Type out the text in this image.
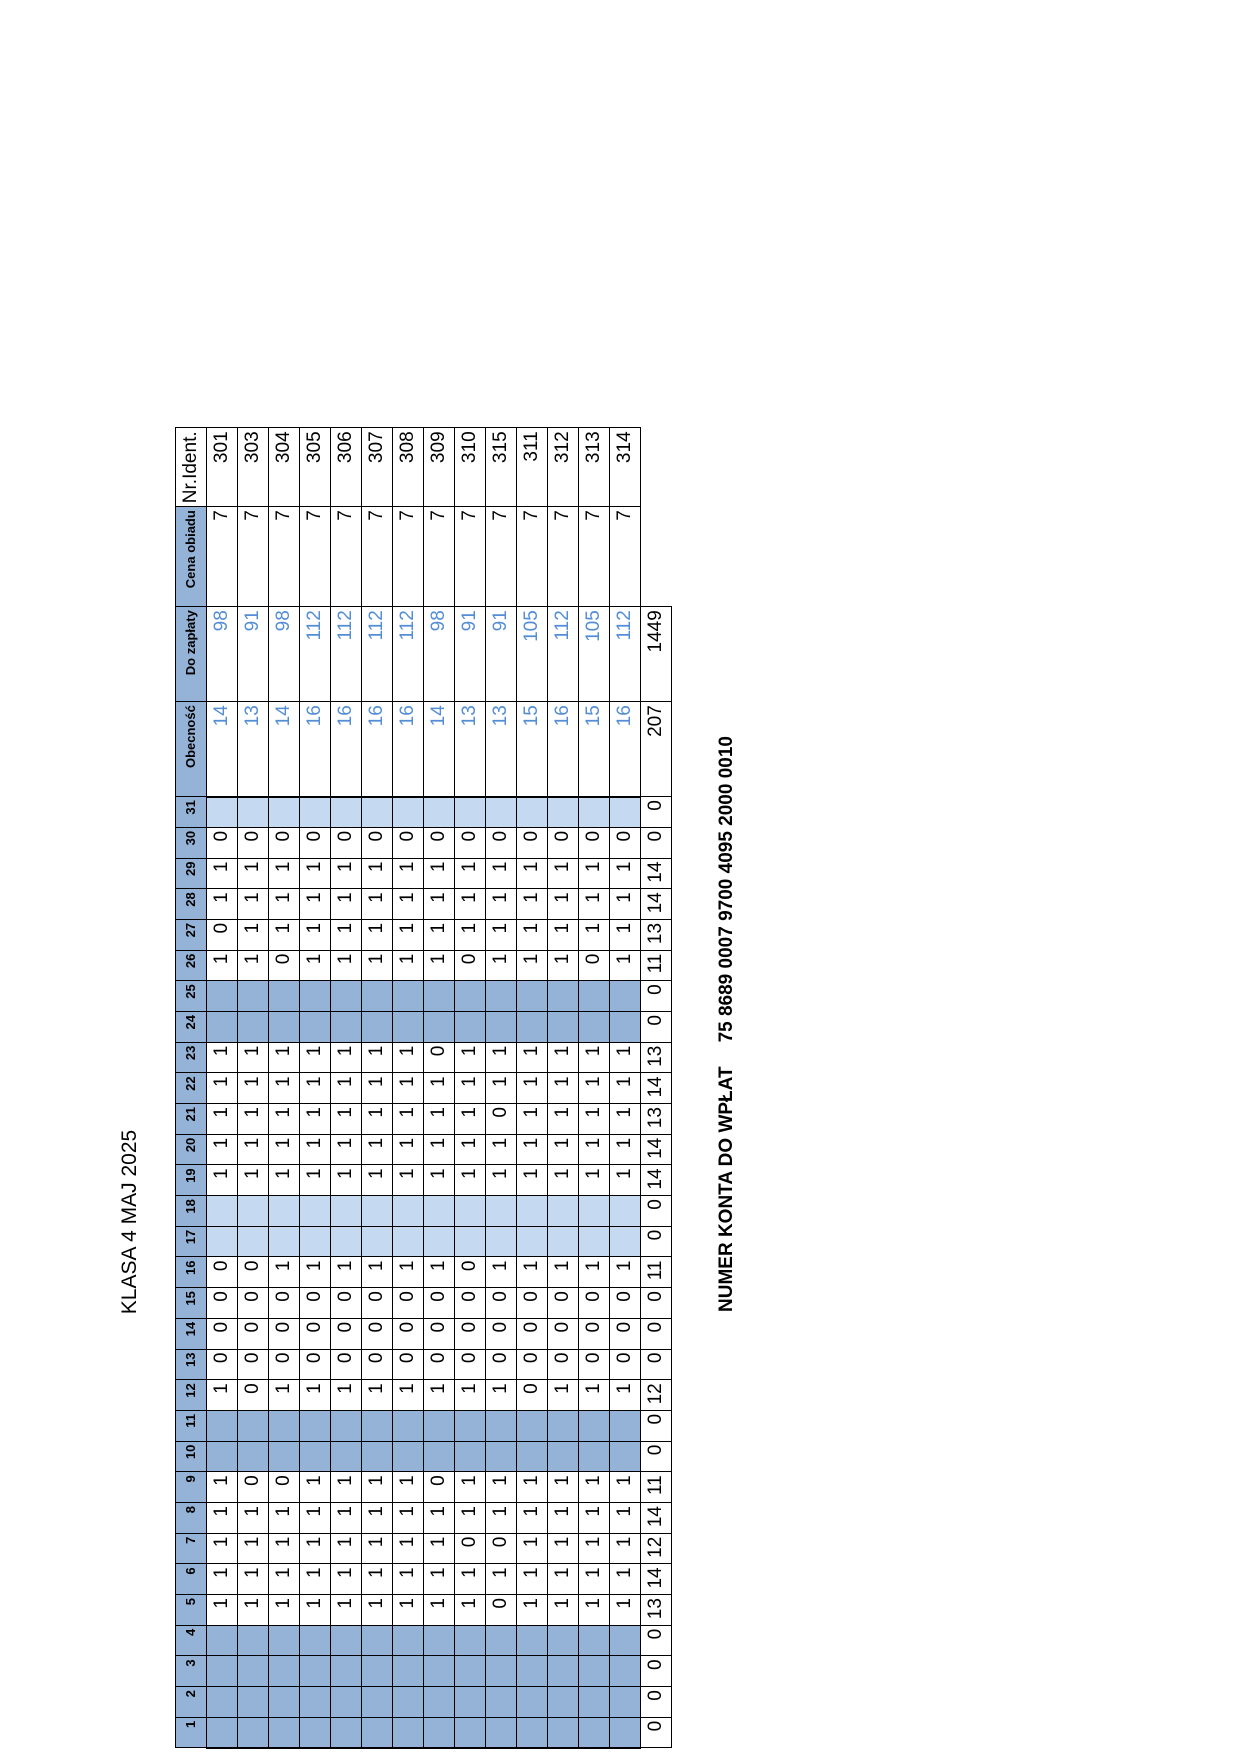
KLASA 4 MAJ 2025
1	2	3	4	5	6	7	8	9	10	11	12	13	14	15	16	17	18	19	20	21	22	23	24	25	26	27	28	29	30	31	Obecność	Do zapłaty	Cena obiadu	Nr.Ident.
				1	1	1	1	1			1	0	0	0	0			1	1	1	1	1			1	0	1	1	0		14	98	7	301
				1	1	1	1	0			0	0	0	0	0			1	1	1	1	1			1	1	1	1	0		13	91	7	303
				1	1	1	1	0			1	0	0	0	1			1	1	1	1	1			0	1	1	1	0		14	98	7	304
				1	1	1	1	1			1	0	0	0	1			1	1	1	1	1			1	1	1	1	0		16	112	7	305
				1	1	1	1	1			1	0	0	0	1			1	1	1	1	1			1	1	1	1	0		16	112	7	306
				1	1	1	1	1			1	0	0	0	1			1	1	1	1	1			1	1	1	1	0		16	112	7	307
				1	1	1	1	1			1	0	0	0	1			1	1	1	1	1			1	1	1	1	0		16	112	7	308
				1	1	1	1	0			1	0	0	0	1			1	1	1	1	0			1	1	1	1	0		14	98	7	309
				1	1	0	1	1			1	0	0	0	0			1	1	1	1	1			0	1	1	1	0		13	91	7	310
				0	1	0	1	1			1	0	0	0	1			1	1	0	1	1			1	1	1	1	0		13	91	7	315
				1	1	1	1	1			0	0	0	0	1			1	1	1	1	1			1	1	1	1	0		15	105	7	311
				1	1	1	1	1			1	0	0	0	1			1	1	1	1	1			1	1	1	1	0		16	112	7	312
				1	1	1	1	1			1	0	0	0	1			1	1	1	1	1			0	1	1	1	0		15	105	7	313
				1	1	1	1	1			1	0	0	0	1			1	1	1	1	1			1	1	1	1	0		16	112	7	314
0	0	0	0	13	14	12	14	11	0	0	12	0	0	0	11	0	0	14	14	13	14	13	0	0	11	13	14	14	0	0	207	1449		
NUMER KONTA DO WPŁAT75 8689 0007 9700 4095 2000 0010
